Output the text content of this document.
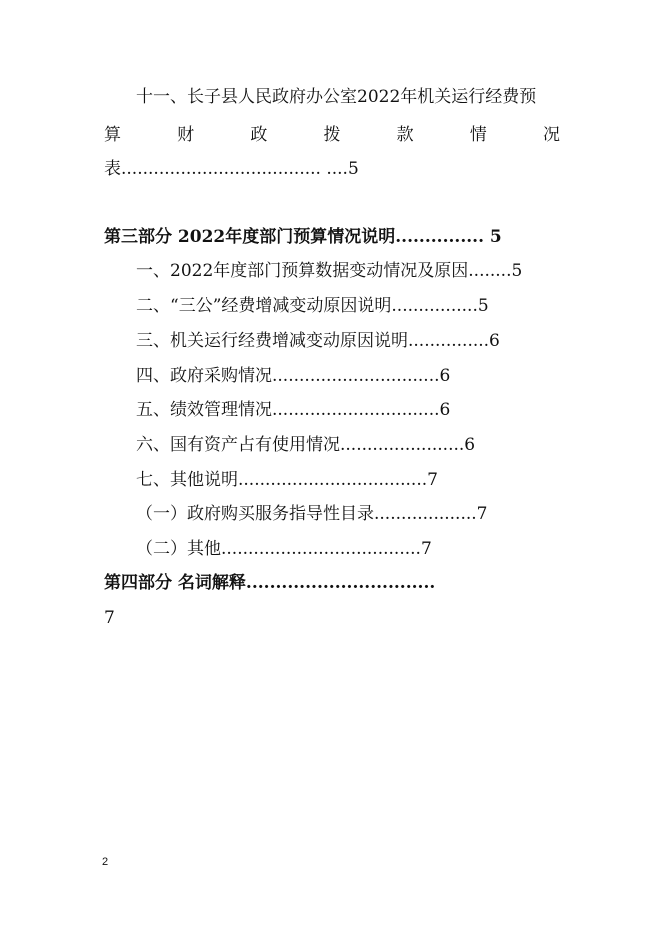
十一、长子县人民政府办公室2022年机关运行经费预
算	财	政	拨	款	情	况
表..................................... ....5
第三部分 2022年度部门预算情况说明............... 5
一、2022年度部门预算数据变动情况及原因........5
二、“三公”经费增减变动原因说明................5
三、机关运行经费增减变动原因说明...............6
四、政府采购情况...............................6
五、绩效管理情况...............................6
六、国有资产占有使用情况.......................6
七、其他说明...................................7
（一）政府购买服务指导性目录...................7
（二）其他.....................................7
第四部分 名词解释................................
7
2
